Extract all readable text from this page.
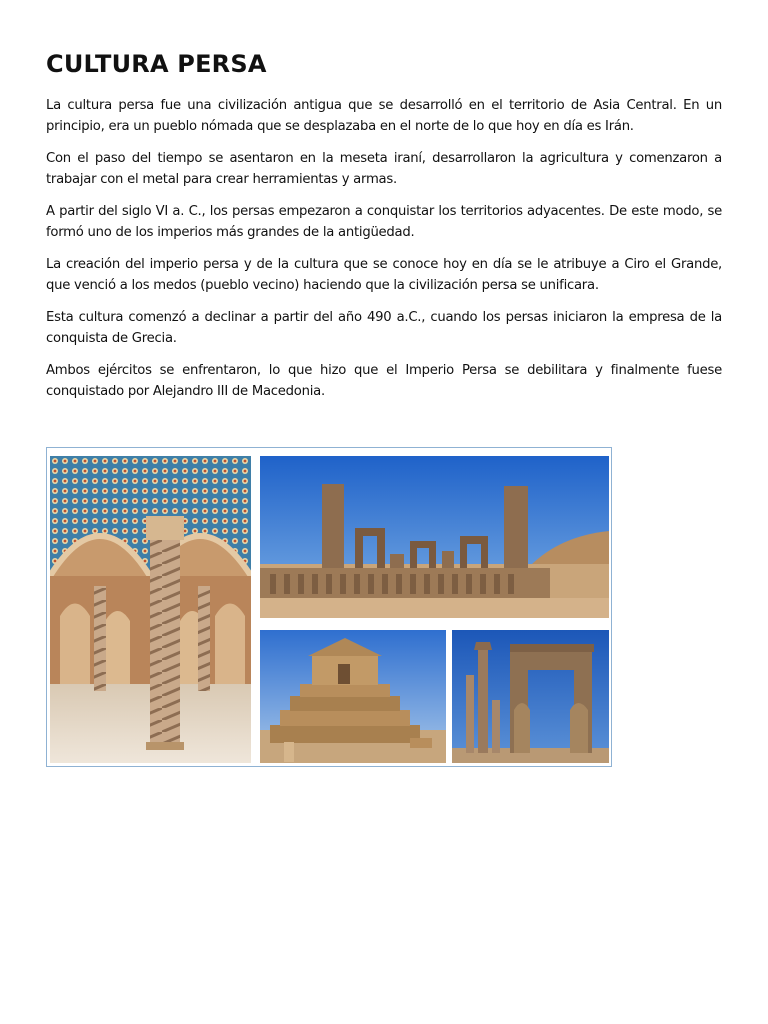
CULTURA PERSA

La cultura persa fue una civilización antigua que se desarrolló en el territorio de Asia Central. En un principio, era un pueblo nómada que se desplazaba en el norte de lo que hoy en día es Irán.

Con el paso del tiempo se asentaron en la meseta iraní, desarrollaron la agricultura y comenzaron a trabajar con el metal para crear herramientas y armas.

A partir del siglo VI a. C., los persas empezaron a conquistar los territorios adyacentes. De este modo, se formó uno de los imperios más grandes de la antigüedad.

La creación del imperio persa y de la cultura que se conoce hoy en día se le atribuye a Ciro el Grande, que venció a los medos (pueblo vecino) haciendo que la civilización persa se unificara.

Esta cultura comenzó a declinar a partir del año 490 a.C., cuando los persas iniciaron la empresa de la conquista de Grecia.

Ambos ejércitos se enfrentaron, lo que hizo que el Imperio Persa se debilitara y finalmente fuese conquistado por Alejandro III de Macedonia.
